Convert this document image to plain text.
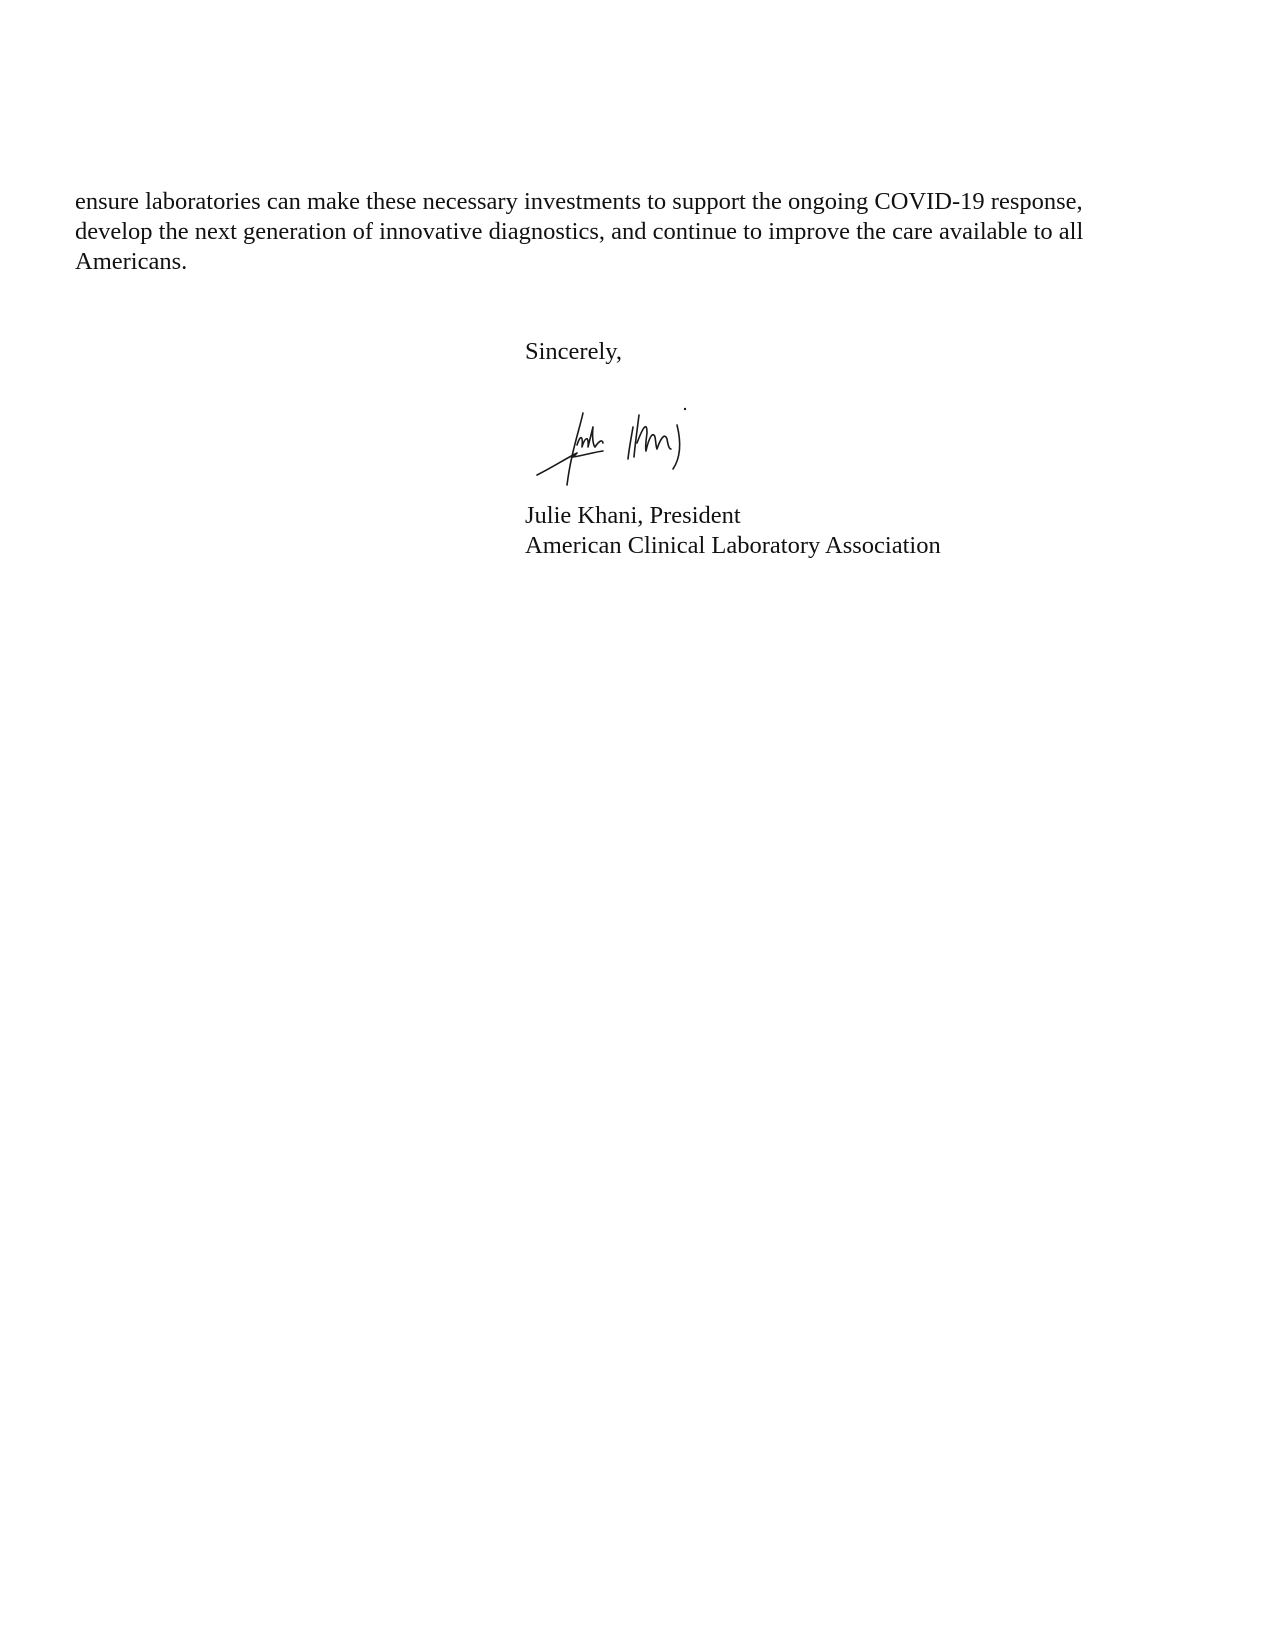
ensure laboratories can make these necessary investments to support the ongoing COVID-19 response,
develop the next generation of innovative diagnostics, and continue to improve the care available to all
Americans.
Sincerely,
Julie Khani, President
American Clinical Laboratory Association
